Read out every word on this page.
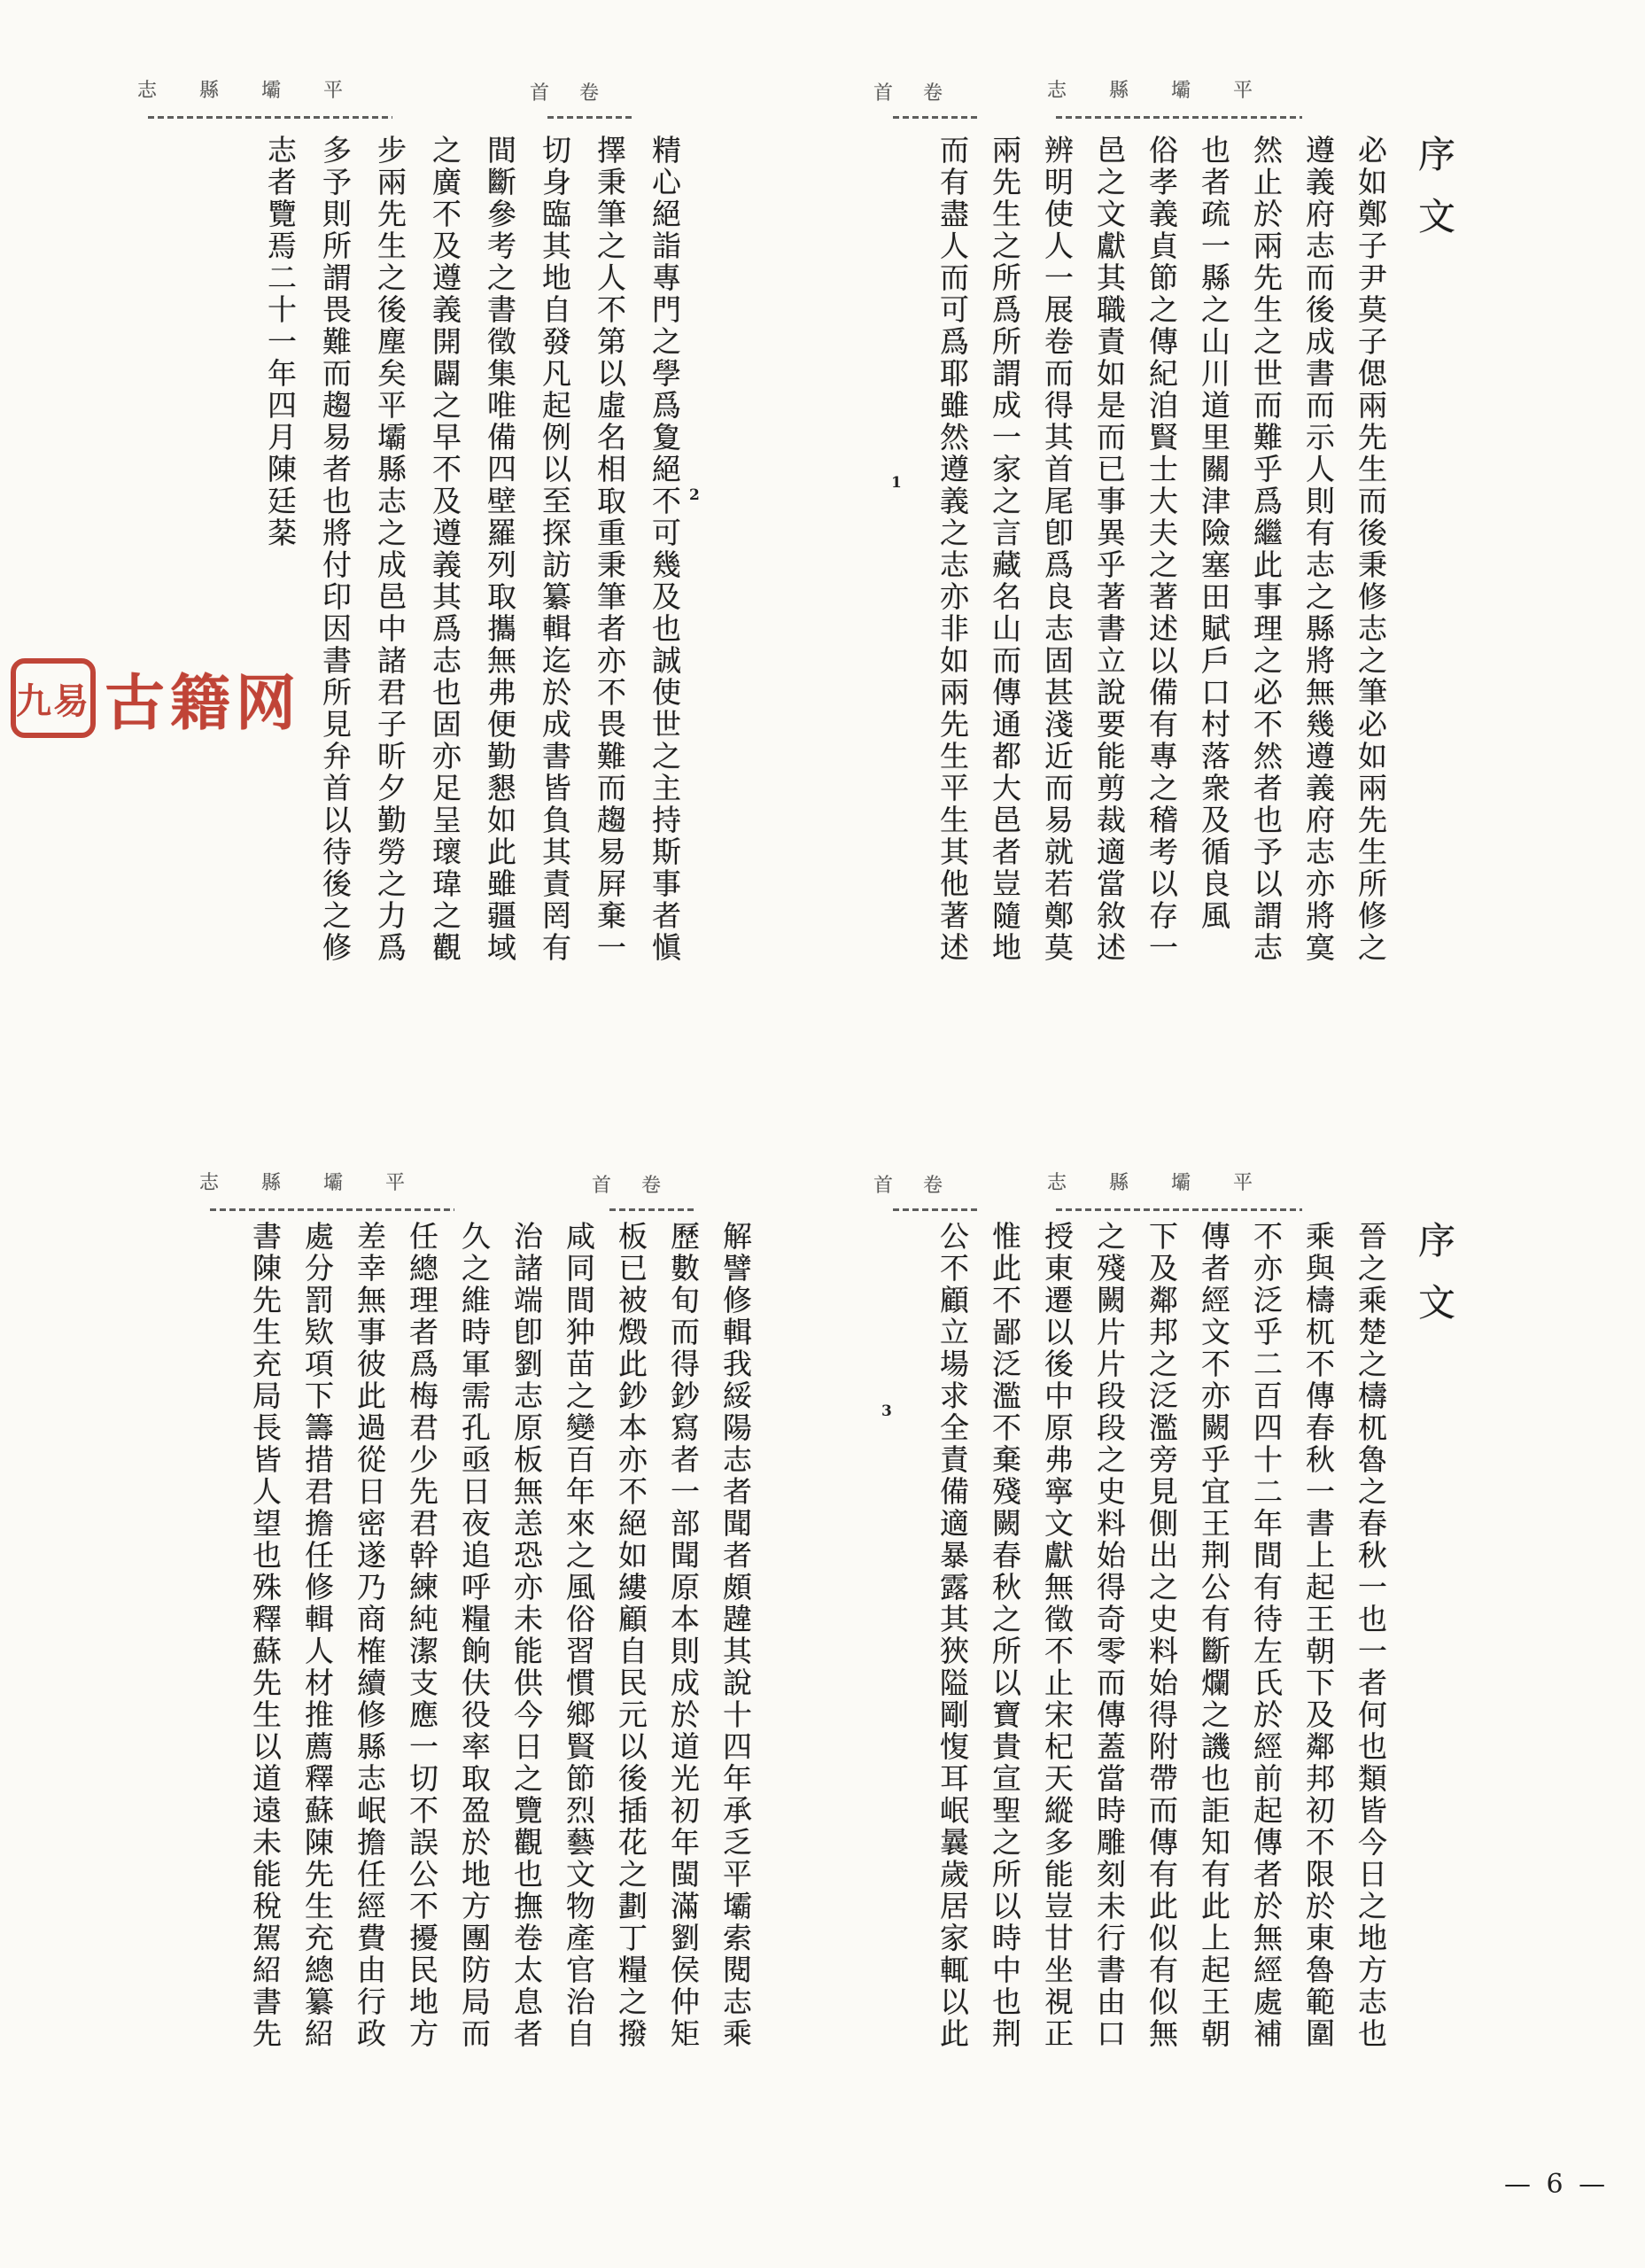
平壩縣志
卷首
平壩縣志	卷首
序文

必如鄭子尹莫子偲兩先生而後秉修志之筆必如兩先生所修之

遵義府志而後成書而示人則有志之縣將無幾遵義府志亦將寞

然止於兩先生之世而難乎爲繼此事理之必不然者也予以謂志

也者疏一縣之山川道里關津險塞田賦戶口村落衆及循良風

俗孝義貞節之傳紀洎賢士大夫之著述以備有專之稽考以存一

邑之文獻其職責如是而已事異乎著書立說要能剪裁適當敘述

辨明使人一展卷而得其首尾卽爲良志固甚淺近而易就若鄭莫

兩先生之所爲所謂成一家之言藏名山而傳通都大邑者豈隨地

而有盡人而可爲耶雖然遵義之志亦非如兩先生平生其他著述

精心絕詣專門之學爲夐絕不可幾及也誠使世之主持斯事者愼

擇秉筆之人不第以虛名相取重秉筆者亦不畏難而趨易屛棄一

切身臨其地自發凡起例以至探訪纂輯迄於成書皆負其責罔有

間斷參考之書徵集唯備四壁羅列取攜無弗便勤懇如此雖疆域

之廣不及遵義開闢之早不及遵義其爲志也固亦足呈瓌瑋之觀

步兩先生之後塵矣平壩縣志之成邑中諸君子昕夕勤勞之力爲

多予則所謂畏難而趨易者也將付印因書所見弁首以待後之修

志者覽焉二十一年四月陳廷棻	1
2
九易 古籍网
平壩縣志
卷首
平壩縣志	卷首
序文

晉之乘楚之檮杌魯之春秋一也一者何也類皆今日之地方志也

乘與檮杌不傳春秋一書上起王朝下及鄰邦初不限於東魯範圍

不亦泛乎二百四十二年間有待左氏於經前起傳者於無經處補

傳者經文不亦闕乎宜王荆公有斷爛之譏也詎知有此上起王朝

下及鄰邦之泛濫旁見側出之史料始得附帶而傳有此似有似無

之殘闕片片段段之史料始得奇零而傳蓋當時雕刻未行書由口

授東遷以後中原弗寧文獻無徵不止宋杞天縱多能豈甘坐視正

惟此不鄙泛濫不棄殘闕春秋之所以寶貴宣聖之所以時中也荆

公不顧立場求全責備適暴露其狹隘剛愎耳岷曩歲居家輒以此

解譬修輯我綏陽志者聞者頗韙其說十四年承乏平壩索閱志乘

歷數旬而得鈔寫者一部聞原本則成於道光初年閩滿劉侯仲矩

板已被燬此鈔本亦不絕如縷顧自民元以後插花之劃丁糧之撥

咸同間狆苗之變百年來之風俗習慣鄉賢節烈藝文物產官治自

治諸端卽劉志原板無恙恐亦未能供今日之覽觀也撫卷太息者

久之維時軍需孔亟日夜追呼糧餉伕役率取盈於地方團防局而

任總理者爲梅君少先君幹練純潔支應一切不誤公不擾民地方

差幸無事彼此過從日密遂乃商榷續修縣志岷擔任經費由行政

處分罰欵項下籌措君擔任修輯人材推薦釋蘇陳先生充總纂紹

書陳先生充局長皆人望也殊釋蘇先生以道遠未能稅駕紹書先	3
— 6 —
